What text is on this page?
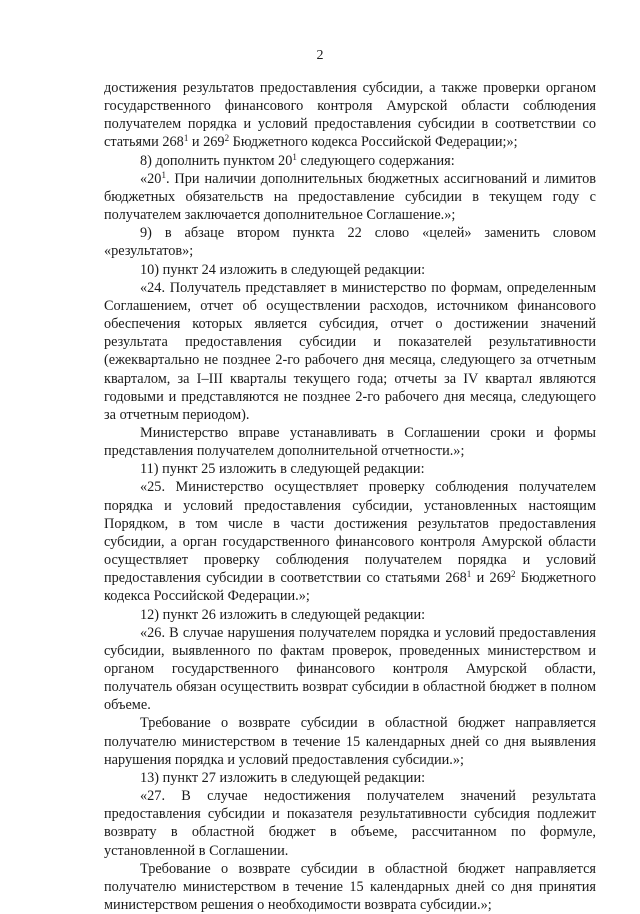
2

достижения результатов предоставления субсидии, а также проверки органом государственного финансового контроля Амурской области соблюдения получателем порядка и условий предоставления субсидии в соответствии со статьями $268^1$ и $269^2$ Бюджетного кодекса Российской Федерации;»;

8) дополнить пунктом $20^1$ следующего содержания:

«$20^1$. При наличии дополнительных бюджетных ассигнований и лимитов бюджетных обязательств на предоставление субсидии в текущем году с получателем заключается дополнительное Соглашение.»;

9) в абзаце втором пункта 22 слово «целей» заменить словом «результатов»;

10) пункт 24 изложить в следующей редакции:

«24. Получатель представляет в министерство по формам, определенным Соглашением, отчет об осуществлении расходов, источником финансового обеспечения которых является субсидия, отчет о достижении значений результата предоставления субсидии и показателей результативности (ежеквартально не позднее 2-го рабочего дня месяца, следующего за отчетным кварталом, за I–III кварталы текущего года; отчеты за IV квартал являются годовыми и представляются не позднее 2-го рабочего дня месяца, следующего за отчетным периодом).

Министерство вправе устанавливать в Соглашении сроки и формы представления получателем дополнительной отчетности.»;

11) пункт 25 изложить в следующей редакции:

«25. Министерство осуществляет проверку соблюдения получателем порядка и условий предоставления субсидии, установленных настоящим Порядком, в том числе в части достижения результатов предоставления субсидии, а орган государственного финансового контроля Амурской области осуществляет проверку соблюдения получателем порядка и условий предоставления субсидии в соответствии со статьями $268^1$ и $269^2$ Бюджетного кодекса Российской Федерации.»;

12) пункт 26 изложить в следующей редакции:

«26. В случае нарушения получателем порядка и условий предоставления субсидии, выявленного по фактам проверок, проведенных министерством и органом государственного финансового контроля Амурской области, получатель обязан осуществить возврат субсидии в областной бюджет в полном объеме.

Требование о возврате субсидии в областной бюджет направляется получателю министерством в течение 15 календарных дней со дня выявления нарушения порядка и условий предоставления субсидии.»;

13) пункт 27 изложить в следующей редакции:

«27. В случае недостижения получателем значений результата предоставления субсидии и показателя результативности субсидия подлежит возврату в областной бюджет в объеме, рассчитанном по формуле, установленной в Соглашении.

Требование о возврате субсидии в областной бюджет направляется получателю министерством в течение 15 календарных дней со дня принятия министерством решения о необходимости возврата субсидии.»;
